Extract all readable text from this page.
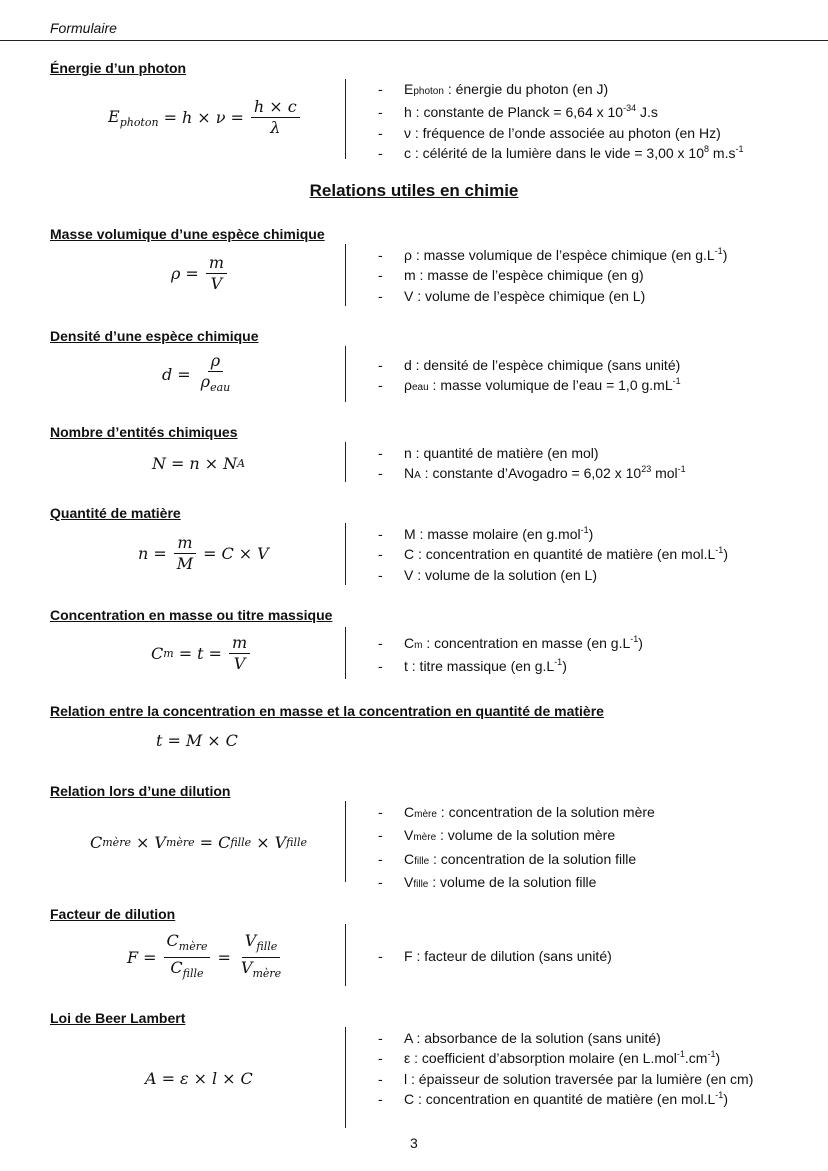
Formulaire
Énergie d’un photon
$E_{photon} = h \times \nu = \frac{h \times c}{\lambda}$
- Ephoton : énergie du photon (en J)
- h : constante de Planck = 6,64 x $10^{-34}$ J.s
- ν : fréquence de l’onde associée au photon (en Hz)
- c : célérité de la lumière dans le vide = 3,00 x $10^8$ $m.s^{-1}$
Relations utiles en chimie
Masse volumique d’une espèce chimique
$\rho = \frac{m}{V}$	- ρ : masse volumique de l’espèce chimique (en $g.L^{-1}$)
- m : masse de l’espèce chimique (en g)
- V : volume de l’espèce chimique (en L)
Densité d’une espèce chimique
$d = \frac{\rho}{\rho_{eau}}$	- d : densité de l’espèce chimique (sans unité)
- ρeau : masse volumique de l’eau = 1,0 $g.mL^{-1}$
Nombre d’entités chimiques
N = n × N A
- n : quantité de matière (en mol)
- NA : constante d’Avogadro = 6,02 x $10^{23}$ mol$^{-1}$
Quantité de matière
$n = \frac{m}{M} = C \times V$
- M : masse molaire (en g.mol$^{-1}$)
- C : concentration en quantité de matière (en $mol.L^{-1}$)
- V : volume de la solution (en L)
Concentration en masse ou titre massique
C $m = t = \frac{m}{V}$	- Cm : concentration en masse (en $g.L^{-1}$)
- t : titre massique (en $g.L^{-1}$)
Relation entre la concentration en masse et la concentration en quantité de matière
t = M × C
Relation lors d’une dilution
C mère × V mère = C fille × V fille
- Cmère : concentration de la solution mère
- Vmère : volume de la solution mère
- Cfille : concentration de la solution fille
- Vfille : volume de la solution fille
Facteur de dilution
$F = \frac{C_{mère}}{C_{fille}} = \frac{V_{fille}}{V_{mère}}$	- F : facteur de dilution (sans unité)
Loi de Beer Lambert
A = ε × l × C
- A : absorbance de la solution (sans unité)
- ε : coefficient d’absorption molaire (en $L.mol^{-1}.cm^{-1}$)
- l : épaisseur de solution traversée par la lumière (en cm)
- C : concentration en quantité de matière (en $mol.L^{-1}$)
3
